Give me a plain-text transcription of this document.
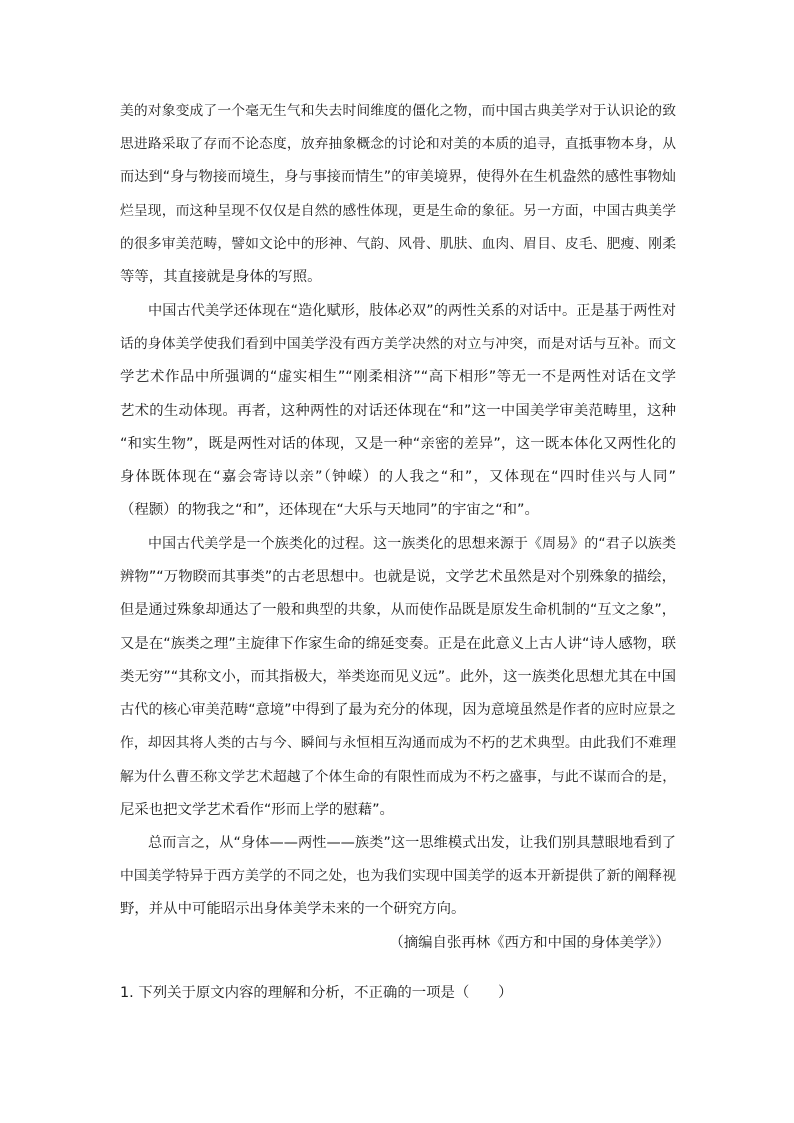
美的对象变成了一个毫无生气和失去时间维度的僵化之物，而中国古典美学对于认识论的致
思进路采取了存而不论态度，放弃抽象概念的讨论和对美的本质的追寻，直抵事物本身，从
而达到“身与物接而境生，身与事接而情生”的审美境界，使得外在生机盎然的感性事物灿
烂呈现，而这种呈现不仅仅是自然的感性体现，更是生命的象征。另一方面，中国古典美学
的很多审美范畴，譬如文论中的形神、气韵、风骨、肌肤、血肉、眉目、皮毛、肥瘦、刚柔
等等，其直接就是身体的写照。
中国古代美学还体现在“造化赋形，肢体必双”的两性关系的对话中。正是基于两性对
话的身体美学使我们看到中国美学没有西方美学决然的对立与冲突，而是对话与互补。而文
学艺术作品中所强调的“虚实相生”“刚柔相济”“高下相形”等无一不是两性对话在文学
艺术的生动体现。再者，这种两性的对话还体现在“和”这一中国美学审美范畴里，这种
“和实生物”，既是两性对话的体现，又是一种“亲密的差异”，这一既本体化又两性化的
身体既体现在“嘉会寄诗以亲”（钟嵘）的人我之“和”，又体现在“四时佳兴与人同”
（程颢）的物我之“和”，还体现在“大乐与天地同”的宇宙之“和”。
中国古代美学是一个族类化的过程。这一族类化的思想来源于《周易》的“君子以族类
辨物”“万物睽而其事类”的古老思想中。也就是说，文学艺术虽然是对个别殊象的描绘，
但是通过殊象却通达了一般和典型的共象，从而使作品既是原发生命机制的“互文之象”，
又是在“族类之理”主旋律下作家生命的绵延变奏。正是在此意义上古人讲“诗人感物，联
类无穷”“其称文小，而其指极大，举类迩而见义远”。此外，这一族类化思想尤其在中国
古代的核心审美范畴“意境”中得到了最为充分的体现，因为意境虽然是作者的应时应景之
作，却因其将人类的古与今、瞬间与永恒相互沟通而成为不朽的艺术典型。由此我们不难理
解为什么曹丕称文学艺术超越了个体生命的有限性而成为不朽之盛事，与此不谋而合的是，
尼采也把文学艺术看作“形而上学的慰藉”。
总而言之，从“身体——两性——族类”这一思维模式出发，让我们别具慧眼地看到了
中国美学特异于西方美学的不同之处，也为我们实现中国美学的返本开新提供了新的阐释视
野，并从中可能昭示出身体美学未来的一个研究方向。
（摘编自张再林《西方和中国的身体美学》）
1. 下列关于原文内容的理解和分析，不正确的一项是（　　）
